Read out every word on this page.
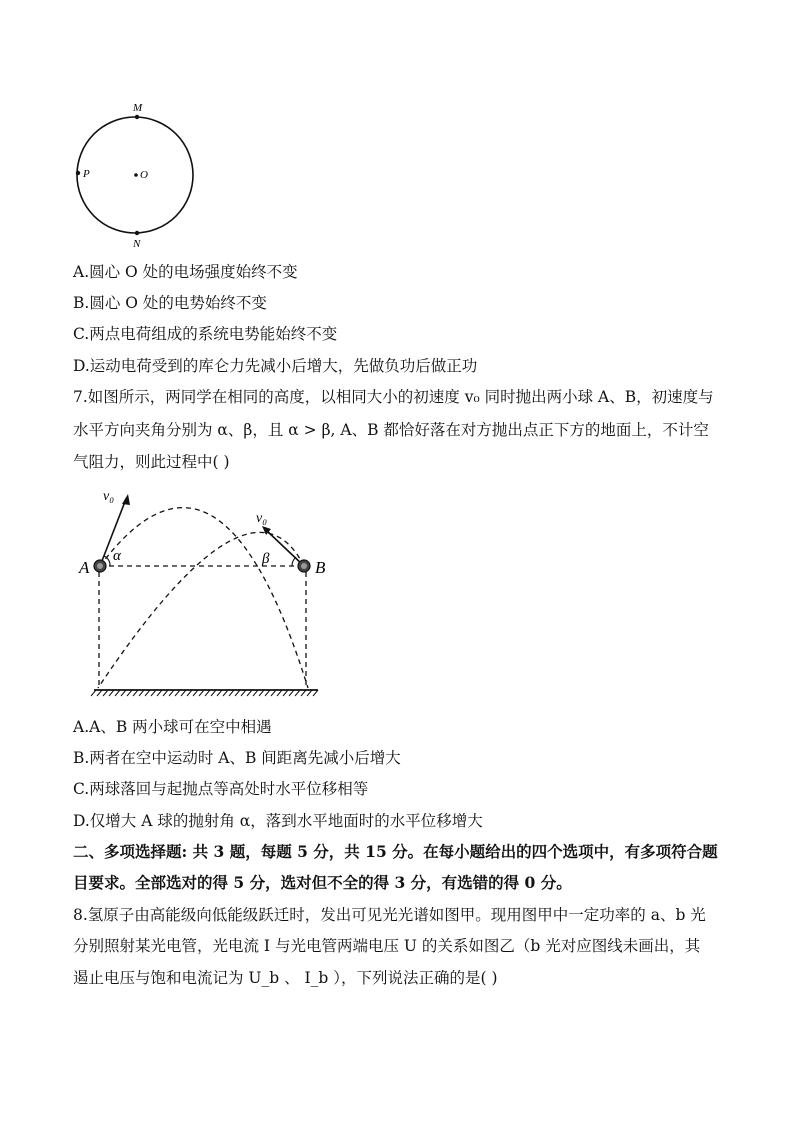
M
P	O
N
A.圆心 O 处的电场强度始终不变
B.圆心 O 处的电势始终不变
C.两点电荷组成的系统电势能始终不变
D.运动电荷受到的库仑力先减小后增大，先做负功后做正功
7.如图所示，两同学在相同的高度，以相同大小的初速度 v₀ 同时抛出两小球 A、B，初速度与
水平方向夹角分别为 α、β，且 α > β, A、B 都恰好落在对方抛出点正下方的地面上，不计空
气阻力，则此过程中( )
A	B
v₀
v₀
α	β
A.A、B 两小球可在空中相遇
B.两者在空中运动时 A、B 间距离先减小后增大
C.两球落回与起抛点等高处时水平位移相等
D.仅增大 A 球的抛射角 α，落到水平地面时的水平位移增大
二、多项选择题: 共 3 题，每题 5 分，共 15 分。在每小题给出的四个选项中，有多项符合题
目要求。全部选对的得 5 分，选对但不全的得 3 分，有选错的得 0 分。
8.氢原子由高能级向低能级跃迁时，发出可见光光谱如图甲。现用图甲中一定功率的 a、b 光
分别照射某光电管，光电流 I 与光电管两端电压 U 的关系如图乙（b 光对应图线未画出，其
遏止电压与饱和电流记为 U_b 、 I_b ），下列说法正确的是( )
